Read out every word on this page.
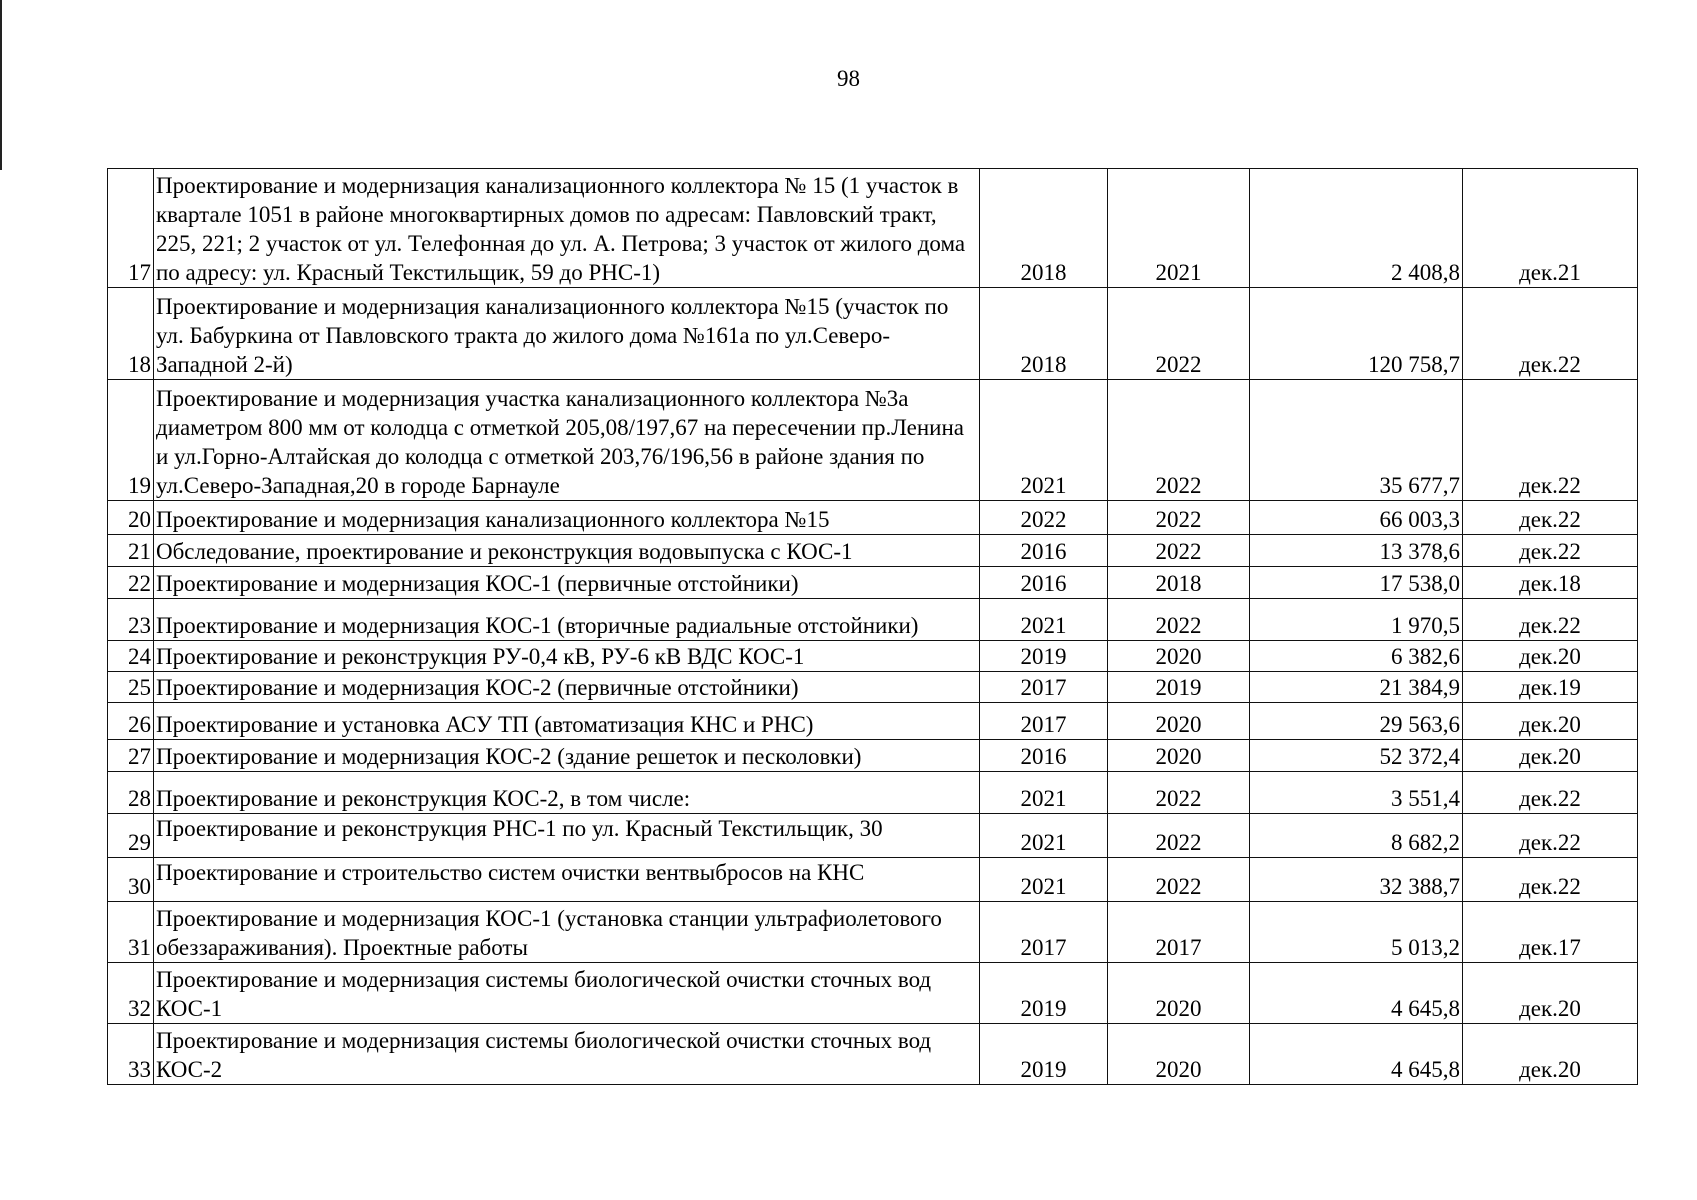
98
17	Проектирование и модернизация канализационного коллектора № 15 (1 участок в квартале 1051 в районе многоквартирных домов по адресам: Павловский тракт, 225, 221; 2 участок от ул. Телефонная до ул. А. Петрова; 3 участок от жилого дома по адресу: ул. Красный Текстильщик, 59 до РНС-1)	2018	2021	2 408,8	дек.21
18	Проектирование и модернизация канализационного коллектора №15 (участок по ул. Бабуркина от Павловского тракта до жилого дома №161а по ул.Северо-Западной 2-й)	2018	2022	120 758,7	дек.22
19	Проектирование и модернизация участка канализационного коллектора №3а диаметром 800 мм от колодца с отметкой 205,08/197,67 на пересечении пр.Ленина и ул.Горно-Алтайская до колодца с отметкой 203,76/196,56 в районе здания по ул.Северо-Западная,20 в городе Барнауле	2021	2022	35 677,7	дек.22
20	Проектирование и модернизация канализационного коллектора №15	2022	2022	66 003,3	дек.22
21	Обследование, проектирование и реконструкция водовыпуска с КОС-1	2016	2022	13 378,6	дек.22
22	Проектирование и модернизация КОС-1 (первичные отстойники)	2016	2018	17 538,0	дек.18
23	Проектирование и модернизация КОС-1 (вторичные радиальные отстойники)	2021	2022	1 970,5	дек.22
24	Проектирование и реконструкция РУ-0,4 кВ, РУ-6 кВ ВДС КОС-1	2019	2020	6 382,6	дек.20
25	Проектирование и модернизация КОС-2 (первичные отстойники)	2017	2019	21 384,9	дек.19
26	Проектирование и установка АСУ ТП (автоматизация КНС и РНС)	2017	2020	29 563,6	дек.20
27	Проектирование и модернизация КОС-2 (здание решеток и песколовки)	2016	2020	52 372,4	дек.20
28	Проектирование и реконструкция КОС-2, в том числе:	2021	2022	3 551,4	дек.22
29	Проектирование и реконструкция РНС-1 по ул. Красный Текстильщик, 30	2021	2022	8 682,2	дек.22
30	Проектирование и строительство систем очистки вентвыбросов на КНС	2021	2022	32 388,7	дек.22
31	Проектирование и модернизация КОС-1 (установка станции ультрафиолетового обеззараживания). Проектные работы	2017	2017	5 013,2	дек.17
32	Проектирование и модернизация системы биологической очистки сточных вод КОС-1	2019	2020	4 645,8	дек.20
33	Проектирование и модернизация системы биологической очистки сточных вод КОС-2	2019	2020	4 645,8	дек.20
